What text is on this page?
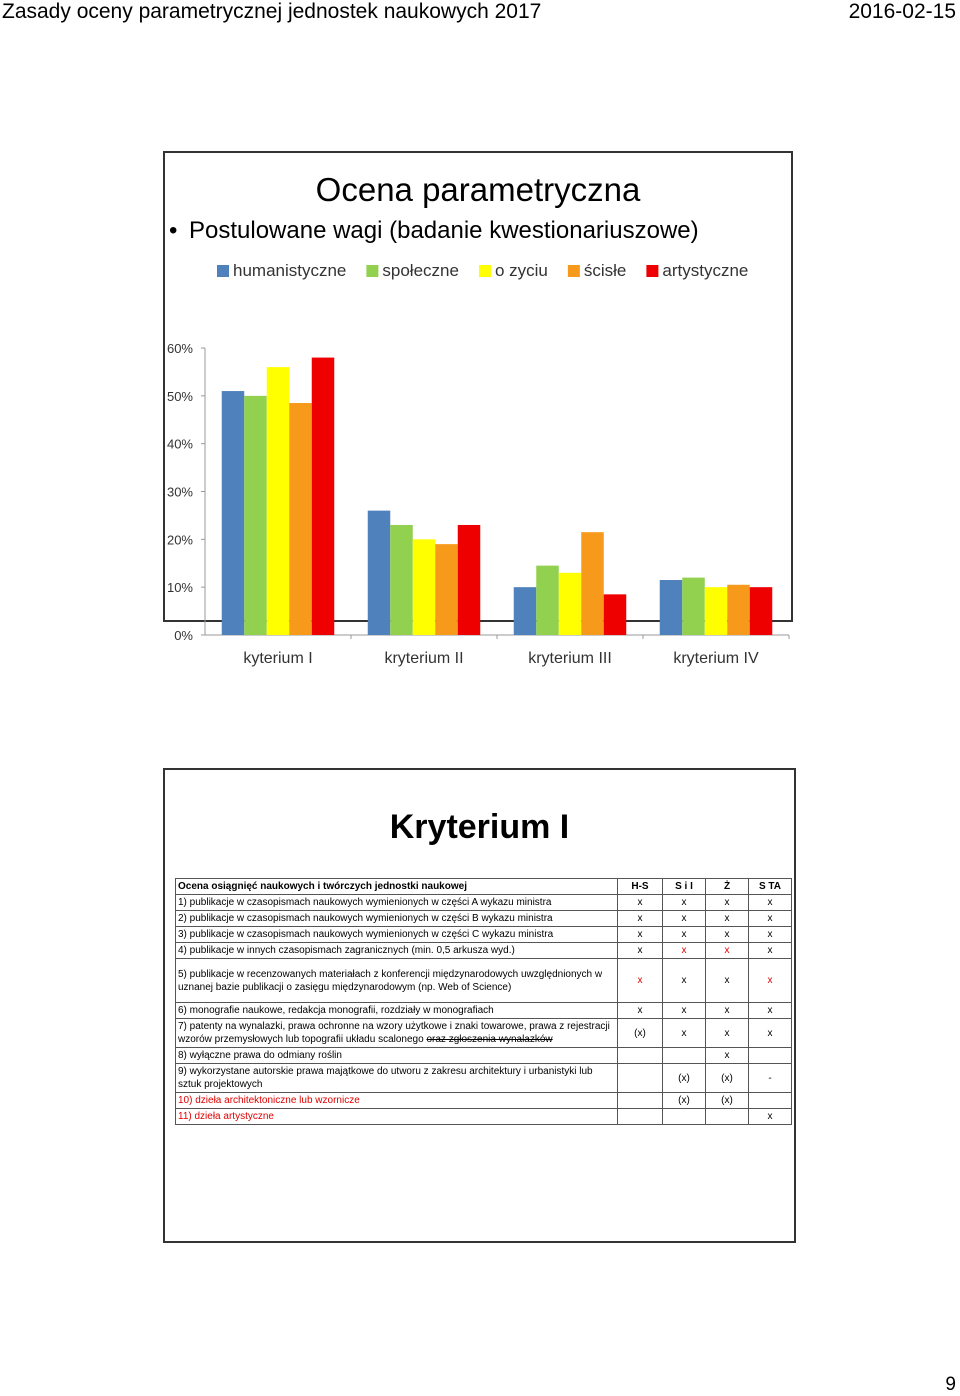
Zasady oceny parametrycznej jednostek naukowych 2017	2016-02-15
Ocena parametryczna
• Postulowane wagi (badanie kwestionariuszowe)
humanistyczne społeczne o zyciu ścisłe artystyczne
0%
10%
20%
30%
40%
50%
60%
kyterium I	kryterium II	kryterium III	kryterium IV
Kryterium I
Ocena osiągnięć naukowych i twórczych jednostki naukowej	H-S	S i I	Ż	S TA
1) publikacje w czasopismach naukowych wymienionych w części A wykazu ministra	x	x	x	x
2) publikacje w czasopismach naukowych wymienionych w części B wykazu ministra	x	x	x	x
3) publikacje w czasopismach naukowych wymienionych w części C wykazu ministra	x	x	x	x
4) publikacje w innych czasopismach zagranicznych (min. 0,5 arkusza wyd.)	x	x	x	x
5) publikacje w recenzowanych materiałach z konferencji międzynarodowych uwzględnionych w uznanej bazie publikacji o zasięgu międzynarodowym (np. Web of Science)	x	x	x	x
6) monografie naukowe, redakcja monografii, rozdziały w monografiach	x	x	x	x
7) patenty na wynalazki, prawa ochronne na wzory użytkowe i znaki towarowe, prawa z rejestracji wzorów przemysłowych lub topografii układu scalonego oraz zgłoszenia wynalazków	(x)	x	x	x
8) wyłączne prawa do odmiany roślin			x	
9) wykorzystane autorskie prawa majątkowe do utworu z zakresu architektury i urbanistyki lub sztuk projektowych		(x)	(x)	-
10) dzieła architektoniczne lub wzornicze		(x)	(x)	
11) dzieła artystyczne				x
9
